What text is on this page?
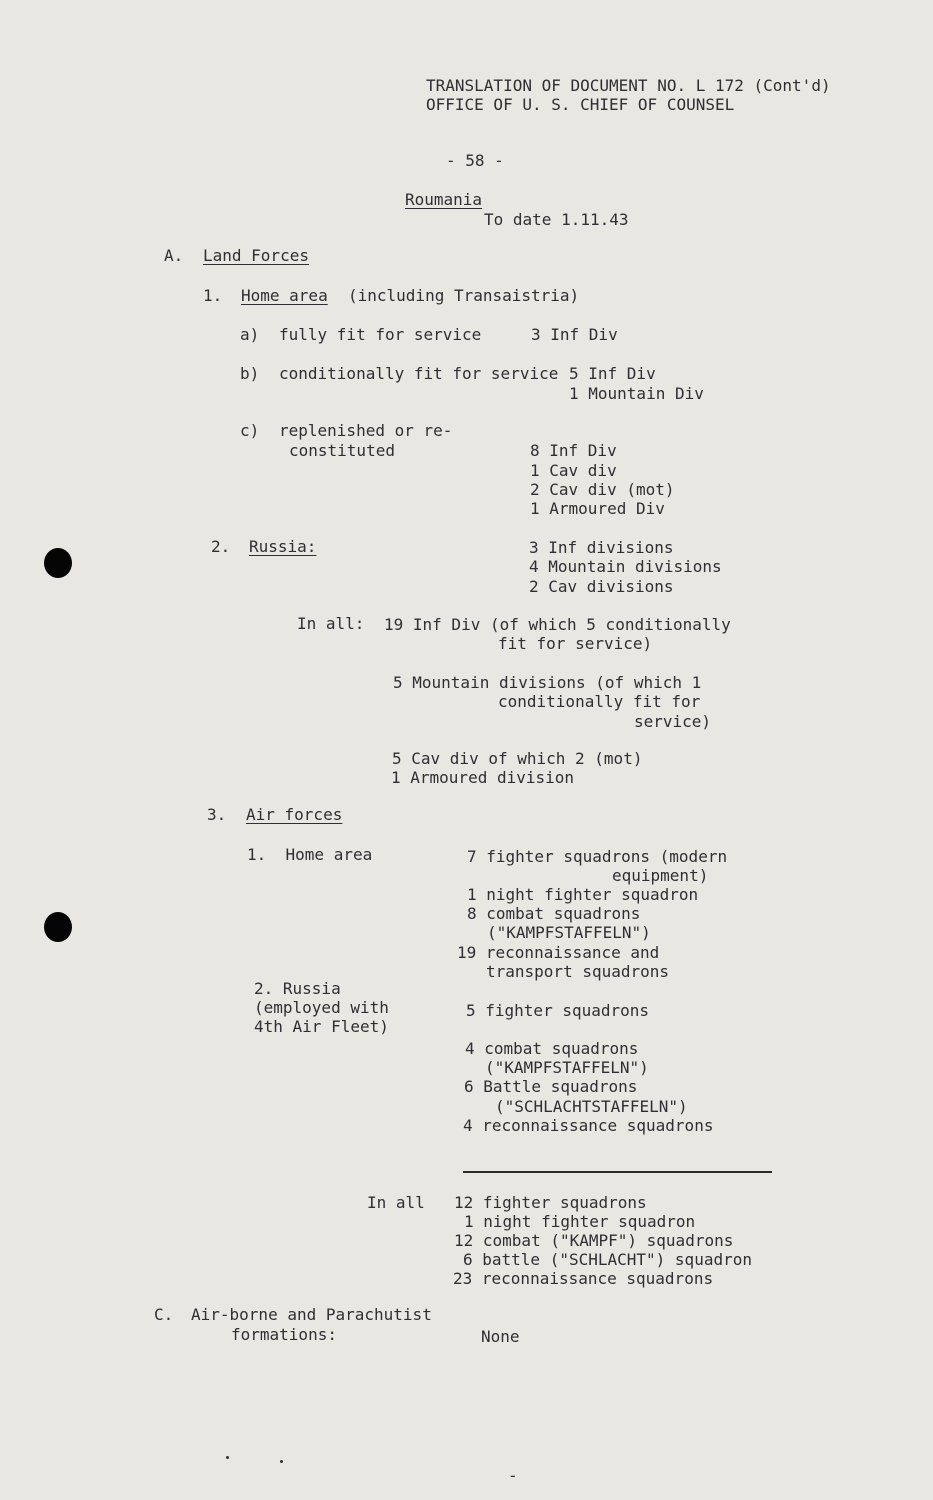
TRANSLATION OF DOCUMENT NO. L 172 (Cont'd)
OFFICE OF U. S. CHIEF OF COUNSEL
- 58 -
Roumania
To date 1.11.43
A. Land Forces
1. Home area (including Transaistria)
a) fully fit for service	3 Inf Div
b) conditionally fit for service 5 Inf Div
1 Mountain Div
c) replenished or re-
constituted	8 Inf Div
1 Cav div
2 Cav div (mot)
1 Armoured Div
2. Russia:	3 Inf divisions
4 Mountain divisions
2 Cav divisions
In all: 19 Inf Div (of which 5 conditionally
fit for service)
5 Mountain divisions (of which 1
conditionally fit for
service)
5 Cav div of which 2 (mot)
1 Armoured division
3. Air forces
1.  Home area	7 fighter squadrons (modern
equipment)
1 night fighter squadron
8 combat squadrons
("KAMPFSTAFFELN")
19 reconnaissance and
transport squadrons
2. Russia
(employed with
4th Air Fleet)
5 fighter squadrons
4 combat squadrons
("KAMPFSTAFFELN")
6 Battle squadrons
("SCHLACHTSTAFFELN")
4 reconnaissance squadrons
In all 12 fighter squadrons
1 night fighter squadron
12 combat ("KAMPF") squadrons
6 battle ("SCHLACHT") squadron
23 reconnaissance squadrons
C. Air-borne and Parachutist
formations:	None
-
